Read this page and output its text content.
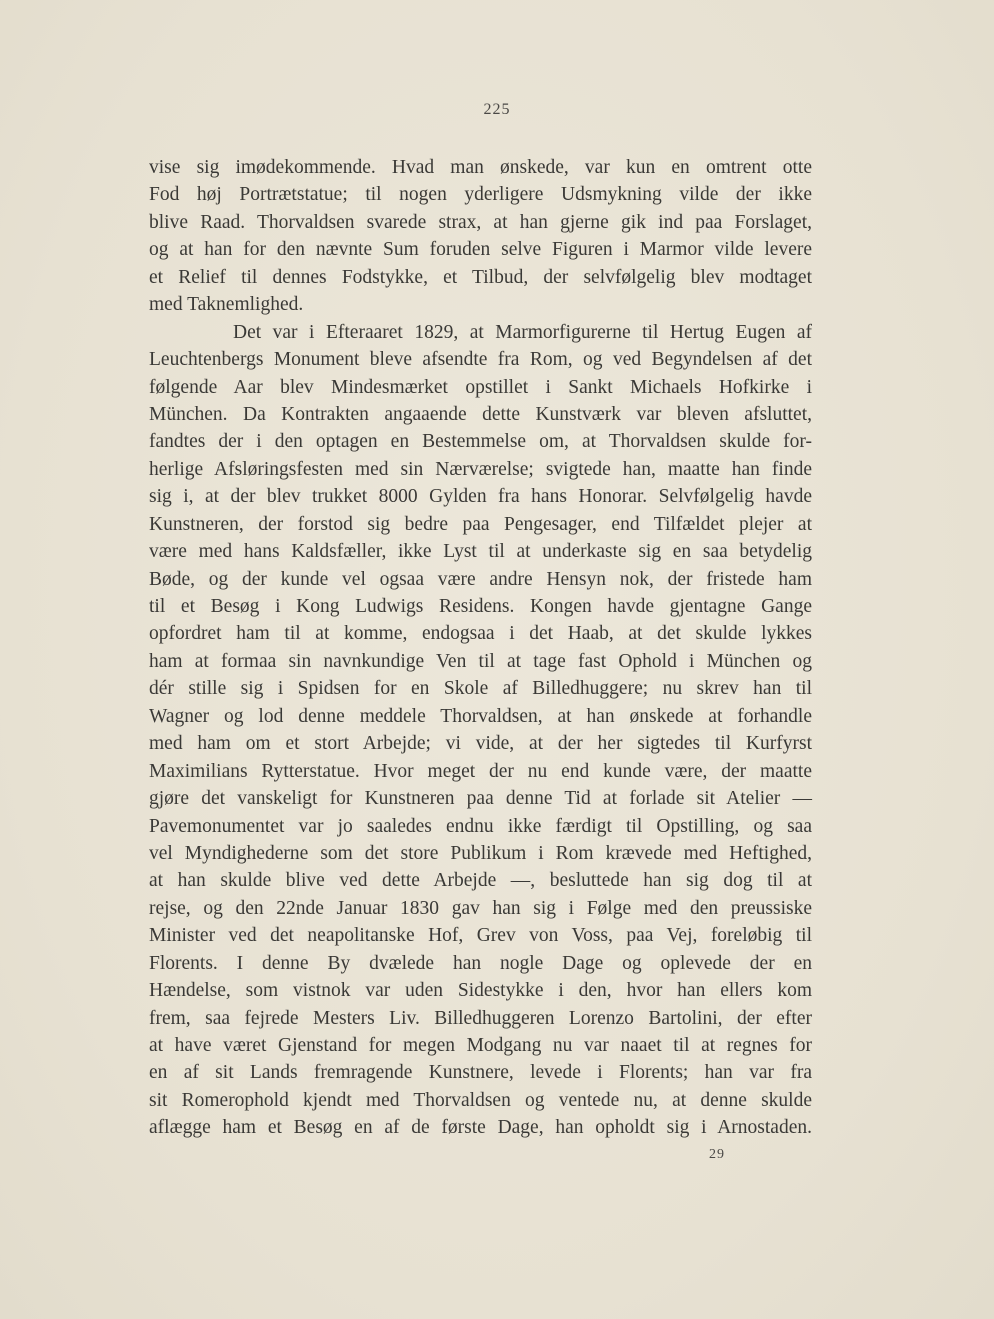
225
vise sig imødekommende. Hvad man ønskede, var kun en omtrent otte
Fod høj Portrætstatue; til nogen yderligere Udsmykning vilde der ikke
blive Raad. Thorvaldsen svarede strax, at han gjerne gik ind paa Forslaget,
og at han for den nævnte Sum foruden selve Figuren i Marmor vilde levere
et Relief til dennes Fodstykke, et Tilbud, der selvfølgelig blev modtaget
med Taknemlighed.
Det var i Efteraaret 1829, at Marmorfigurerne til Hertug Eugen af
Leuchtenbergs Monument bleve afsendte fra Rom, og ved Begyndelsen af det
følgende Aar blev Mindesmærket opstillet i Sankt Michaels Hofkirke i
München. Da Kontrakten angaaende dette Kunstværk var bleven afsluttet,
fandtes der i den optagen en Bestemmelse om, at Thorvaldsen skulde for-
herlige Afsløringsfesten med sin Nærværelse; svigtede han, maatte han finde
sig i, at der blev trukket 8000 Gylden fra hans Honorar. Selvfølgelig havde
Kunstneren, der forstod sig bedre paa Pengesager, end Tilfældet plejer at
være med hans Kaldsfæller, ikke Lyst til at underkaste sig en saa betydelig
Bøde, og der kunde vel ogsaa være andre Hensyn nok, der fristede ham
til et Besøg i Kong Ludwigs Residens. Kongen havde gjentagne Gange
opfordret ham til at komme, endogsaa i det Haab, at det skulde lykkes
ham at formaa sin navnkundige Ven til at tage fast Ophold i München og
dér stille sig i Spidsen for en Skole af Billedhuggere; nu skrev han til
Wagner og lod denne meddele Thorvaldsen, at han ønskede at forhandle
med ham om et stort Arbejde; vi vide, at der her sigtedes til Kurfyrst
Maximilians Rytterstatue. Hvor meget der nu end kunde være, der maatte
gjøre det vanskeligt for Kunstneren paa denne Tid at forlade sit Atelier —
Pavemonumentet var jo saaledes endnu ikke færdigt til Opstilling, og saa
vel Myndighederne som det store Publikum i Rom krævede med Heftighed,
at han skulde blive ved dette Arbejde —, besluttede han sig dog til at
rejse, og den 22nde Januar 1830 gav han sig i Følge med den preussiske
Minister ved det neapolitanske Hof, Grev von Voss, paa Vej, foreløbig til
Florents. I denne By dvælede han nogle Dage og oplevede der en
Hændelse, som vistnok var uden Sidestykke i den, hvor han ellers kom
frem, saa fejrede Mesters Liv. Billedhuggeren Lorenzo Bartolini, der efter
at have været Gjenstand for megen Modgang nu var naaet til at regnes for
en af sit Lands fremragende Kunstnere, levede i Florents; han var fra
sit Romerophold kjendt med Thorvaldsen og ventede nu, at denne skulde
aflægge ham et Besøg en af de første Dage, han opholdt sig i Arnostaden.
29
